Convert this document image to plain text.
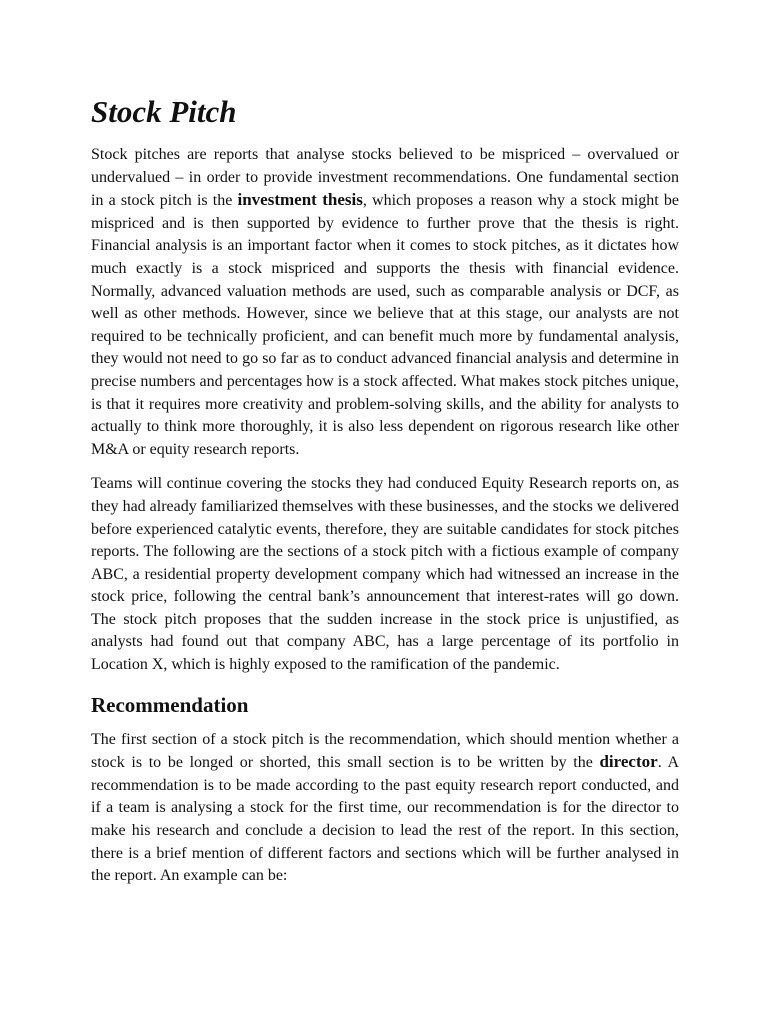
Stock Pitch

Stock pitches are reports that analyse stocks believed to be mispriced – overvalued or undervalued – in order to provide investment recommendations. One fundamental section in a stock pitch is the investment thesis, which proposes a reason why a stock might be mispriced and is then supported by evidence to further prove that the thesis is right. Financial analysis is an important factor when it comes to stock pitches, as it dictates how much exactly is a stock mispriced and supports the thesis with financial evidence. Normally, advanced valuation methods are used, such as comparable analysis or DCF, as well as other methods. However, since we believe that at this stage, our analysts are not required to be technically proficient, and can benefit much more by fundamental analysis, they would not need to go so far as to conduct advanced financial analysis and determine in precise numbers and percentages how is a stock affected. What makes stock pitches unique, is that it requires more creativity and problem-solving skills, and the ability for analysts to actually to think more thoroughly, it is also less dependent on rigorous research like other M&A or equity research reports.

Teams will continue covering the stocks they had conduced Equity Research reports on, as they had already familiarized themselves with these businesses, and the stocks we delivered before experienced catalytic events, therefore, they are suitable candidates for stock pitches reports. The following are the sections of a stock pitch with a fictious example of company ABC, a residential property development company which had witnessed an increase in the stock price, following the central bank’s announcement that interest-rates will go down. The stock pitch proposes that the sudden increase in the stock price is unjustified, as analysts had found out that company ABC, has a large percentage of its portfolio in Location X, which is highly exposed to the ramification of the pandemic.

Recommendation

The first section of a stock pitch is the recommendation, which should mention whether a stock is to be longed or shorted, this small section is to be written by the director. A recommendation is to be made according to the past equity research report conducted, and if a team is analysing a stock for the first time, our recommendation is for the director to make his research and conclude a decision to lead the rest of the report. In this section, there is a brief mention of different factors and sections which will be further analysed in the report. An example can be:
